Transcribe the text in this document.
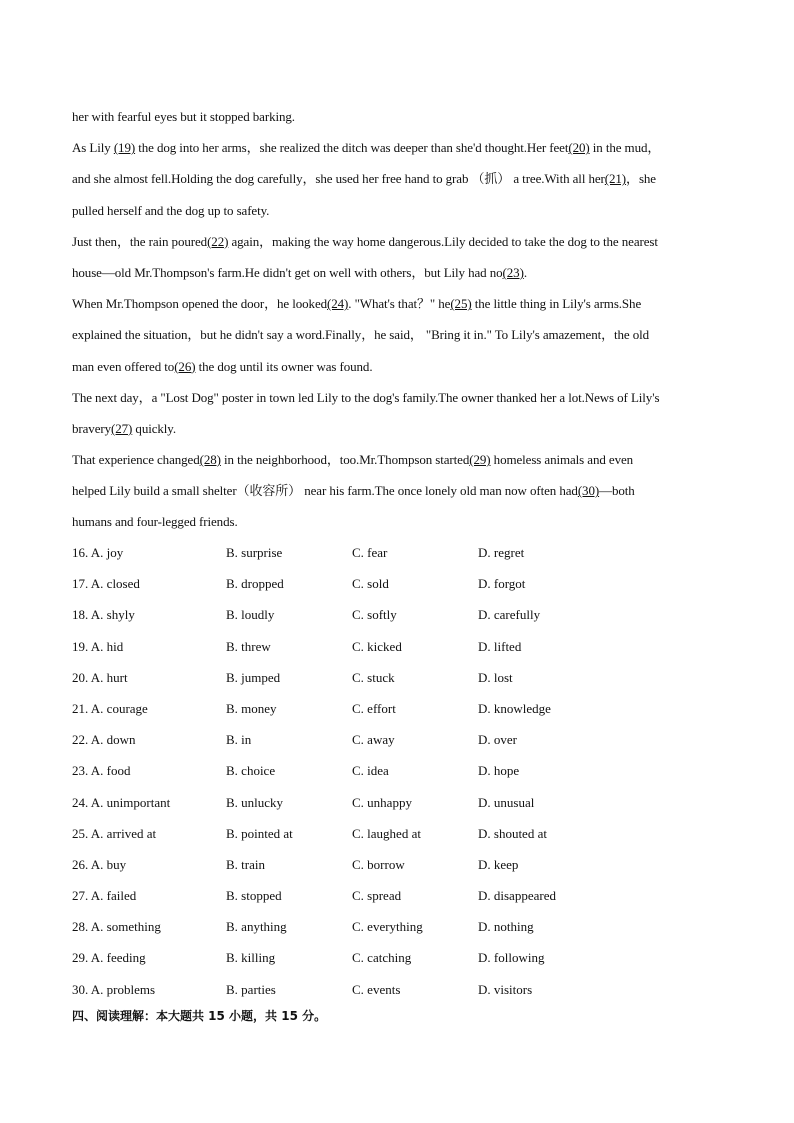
her with fearful eyes but it stopped barking.
As Lily (19) the dog into her arms，she realized the ditch was deeper than she'd thought.Her feet(20) in the mud，
and she almost fell.Holding the dog carefully，she used her free hand to grab （抓） a tree.With all her(21)，she
pulled herself and the dog up to safety.
Just then，the rain poured(22) again，making the way home dangerous.Lily decided to take the dog to the nearest
house—old Mr.Thompson's farm.He didn't get on well with others，but Lily had no(23).
When Mr.Thompson opened the door，he looked(24). "What's that？" he(25) the little thing in Lily's arms.She
explained the situation，but he didn't say a word.Finally，he said， "Bring it in." To Lily's amazement，the old
man even offered to(26) the dog until its owner was found.
The next day，a "Lost Dog" poster in town led Lily to the dog's family.The owner thanked her a lot.News of Lily's
bravery(27) quickly.
That experience changed(28) in the neighborhood，too.Mr.Thompson started(29) homeless animals and even
helped Lily build a small shelter（收容所） near his farm.The once lonely old man now often had(30)—both
humans and four-legged friends.
16. A. joy	B. surprise	C. fear	D. regret
17. A. closed	B. dropped	C. sold	D. forgot
18. A. shyly	B. loudly	C. softly	D. carefully
19. A. hid	B. threw	C. kicked	D. lifted
20. A. hurt	B. jumped	C. stuck	D. lost
21. A. courage	B. money	C. effort	D. knowledge
22. A. down	B. in	C. away	D. over
23. A. food	B. choice	C. idea	D. hope
24. A. unimportant	B. unlucky	C. unhappy	D. unusual
25. A. arrived at	B. pointed at	C. laughed at	D. shouted at
26. A. buy	B. train	C. borrow	D. keep
27. A. failed	B. stopped	C. spread	D. disappeared
28. A. something	B. anything	C. everything	D. nothing
29. A. feeding	B. killing	C. catching	D. following
30. A. problems	B. parties	C. events	D. visitors
四、阅读理解：本大题共 15 小题，共 15 分。
